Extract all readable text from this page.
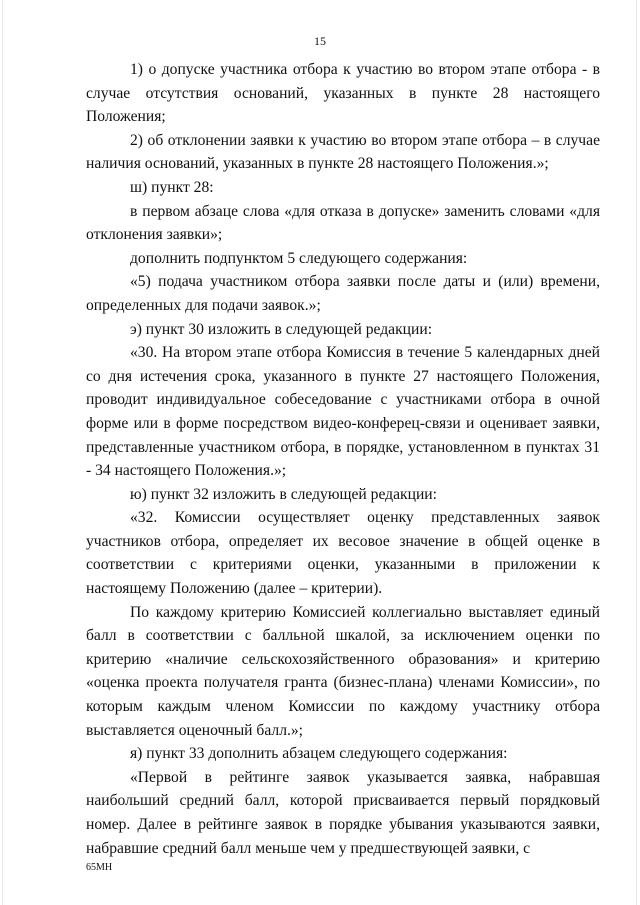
15

1) о допуске участника отбора к участию во втором этапе отбора - в случае отсутствия оснований, указанных в пункте 28 настоящего Положения;

2) об отклонении заявки к участию во втором этапе отбора – в случае наличия оснований, указанных в пункте 28 настоящего Положения.»;

ш) пункт 28:

в первом абзаце слова «для отказа в допуске» заменить словами «для отклонения заявки»;

дополнить подпунктом 5 следующего содержания:

«5) подача участником отбора заявки после даты и (или) времени, определенных для подачи заявок.»;

э) пункт 30 изложить в следующей редакции:

«30. На втором этапе отбора Комиссия в течение 5 календарных дней со дня истечения срока, указанного в пункте 27 настоящего Положения, проводит индивидуальное собеседование с участниками отбора в очной форме или в форме посредством видео-конферец-связи и оценивает заявки, представленные участником отбора, в порядке, установленном в пунктах 31 - 34 настоящего Положения.»;

ю) пункт 32 изложить в следующей редакции:

«32. Комиссии осуществляет оценку представленных заявок участников отбора, определяет их весовое значение в общей оценке в соответствии с критериями оценки, указанными в приложении к настоящему Положению (далее – критерии).

По каждому критерию Комиссией коллегиально выставляет единый балл в соответствии с балльной шкалой, за исключением оценки по критерию «наличие сельскохозяйственного образования» и критерию «оценка проекта получателя гранта (бизнес-плана) членами Комиссии», по которым каждым членом Комиссии по каждому участнику отбора выставляется оценочный балл.»;

я) пункт 33 дополнить абзацем следующего содержания:

«Первой в рейтинге заявок указывается заявка, набравшая наибольший средний балл, которой присваивается первый порядковый номер. Далее в рейтинге заявок в порядке убывания указываются заявки, набравшие средний балл меньше чем у предшествующей заявки, с

65МН
